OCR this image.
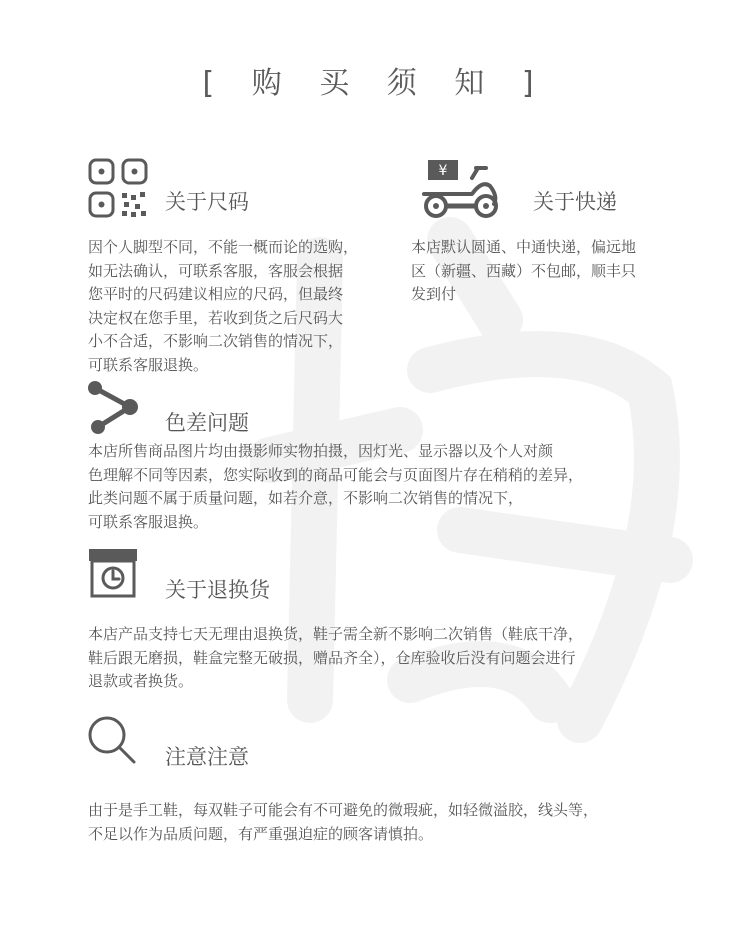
[ 购 买 须 知 ]
关于尺码
因个人脚型不同，不能一概而论的选购，
如无法确认，可联系客服，客服会根据
您平时的尺码建议相应的尺码，但最终
决定权在您手里，若收到货之后尺码大
小不合适，不影响二次销售的情况下，
可联系客服退换。
¥
关于快递
本店默认圆通、中通快递，偏远地
区（新疆、西藏）不包邮，顺丰只
发到付
色差问题
本店所售商品图片均由摄影师实物拍摄，因灯光、显示器以及个人对颜
色理解不同等因素，您实际收到的商品可能会与页面图片存在稍稍的差异，
此类问题不属于质量问题，如若介意，不影响二次销售的情况下，
可联系客服退换。
关于退换货
本店产品支持七天无理由退换货，鞋子需全新不影响二次销售（鞋底干净，
鞋后跟无磨损，鞋盒完整无破损，赠品齐全），仓库验收后没有问题会进行
退款或者换货。
注意注意
由于是手工鞋，每双鞋子可能会有不可避免的微瑕疵，如轻微溢胶，线头等，
不足以作为品质问题，有严重强迫症的顾客请慎拍。
